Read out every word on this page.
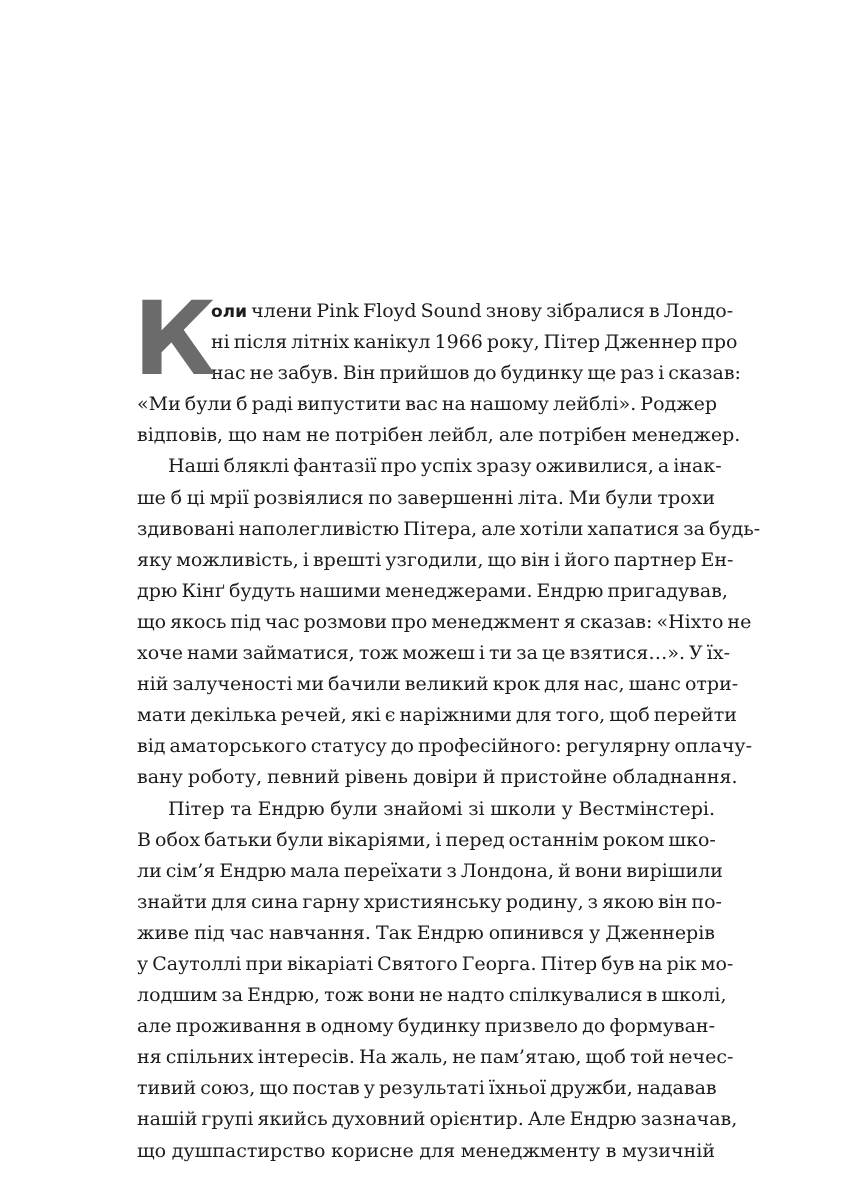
К
оли члени Pink Floyd Sound знову зібралися в Лондо-
ні після літніх канікул 1966 року, Пітер Дженнер про
нас не забув. Він прийшов до будинку ще раз і сказав:
«Ми були б раді випустити вас на нашому лейблі». Роджер
відповів, що нам не потрібен лейбл, але потрібен менеджер.
Наші бляклі фантазії про успіх зразу оживилися, а інак-
ше б ці мрії розвіялися по завершенні літа. Ми були трохи
здивовані наполегливістю Пітера, але хотіли хапатися за будь-
яку можливість, і врешті узгодили, що він і його партнер Ен-
дрю Кінґ будуть нашими менеджерами. Ендрю пригадував,
що якось під час розмови про менеджмент я сказав: «Ніхто не
хоче нами займатися, тож можеш і ти за це взятися…». У їх-
ній залученості ми бачили великий крок для нас, шанс отри-
мати декілька речей, які є наріжними для того, щоб перейти
від аматорського статусу до професійного: регулярну оплачу-
вану роботу, певний рівень довіри й пристойне обладнання.
Пітер та Ендрю були знайомі зі школи у Вестмінстері.
В обох батьки були вікаріями, і перед останнім роком шко-
ли сім’я Ендрю мала переїхати з Лондона, й вони вирішили
знайти для сина гарну християнську родину, з якою він по-
живе під час навчання. Так Ендрю опинився у Дженнерів
у Саутоллі при вікаріаті Святого Георга. Пітер був на рік мо-
лодшим за Ендрю, тож вони не надто спілкувалися в школі,
але проживання в одному будинку призвело до формуван-
ня спільних інтересів. На жаль, не пам’ятаю, щоб той нечес-
тивий союз, що постав у результаті їхньої дружби, надавав
нашій групі якийсь духовний орієнтир. Але Ендрю зазначав,
що душпастирство корисне для менеджменту в музичній
